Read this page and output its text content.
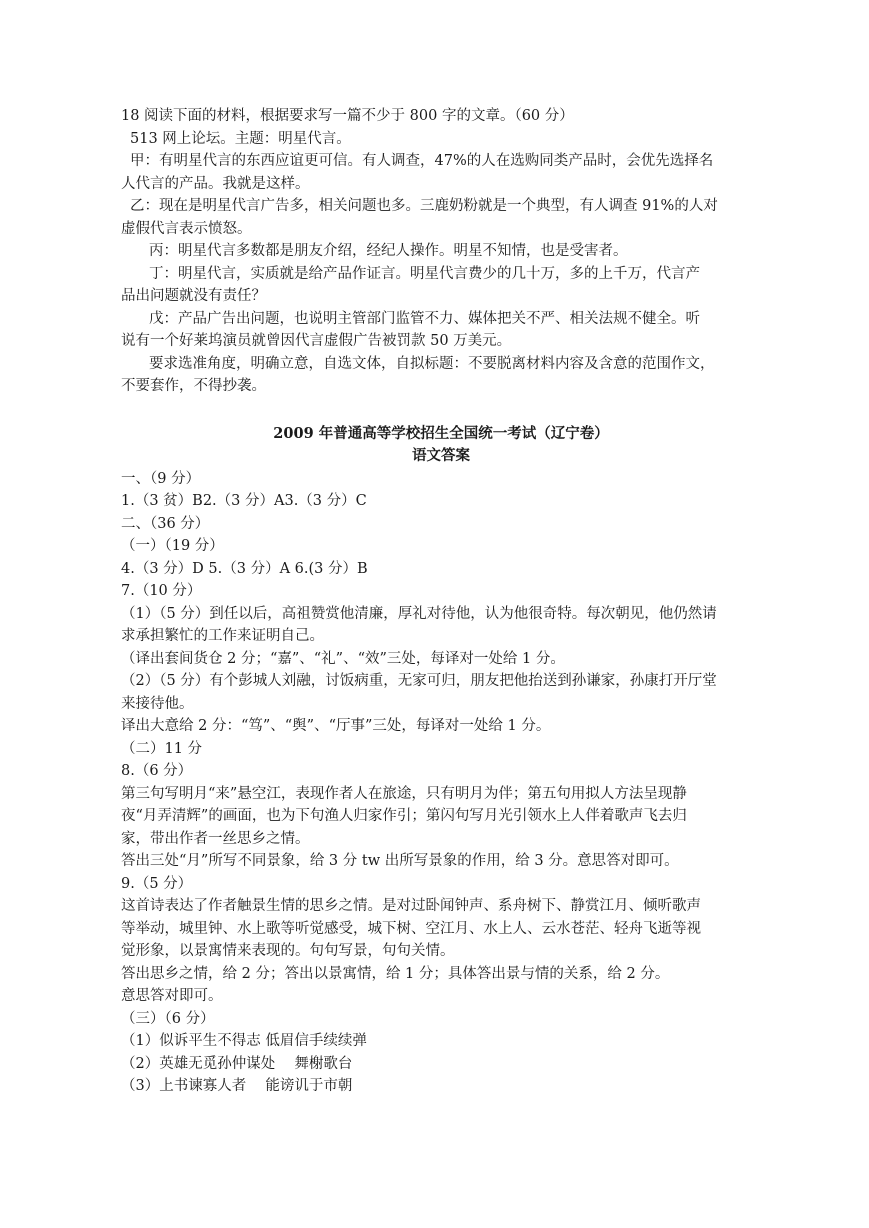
18 阅读下面的材料，根据要求写一篇不少于 800 字的文章。（60 分）
513 网上论坛。主题：明星代言。
甲：有明星代言的东西应谊更可信。有人调查，47%的人在选购同类产品时，会优先选择名
人代言的产品。我就是这样。
乙：现在是明星代言广告多，相关问题也多。三鹿奶粉就是一个典型，有人调查 91%的人对
虚假代言表示愤怒。
丙：明星代言多数都是朋友介绍，经纪人操作。明星不知情，也是受害者。
丁：明星代言，实质就是给产品作证言。明星代言费少的几十万，多的上千万，代言产
品出问题就没有责任？
戊：产品广告出问题，也说明主管部门监管不力、媒体把关不严、相关法规不健全。听
说有一个好莱坞演员就曾因代言虚假广告被罚款 50 万美元。
要求选准角度，明确立意，自选文体，自拟标题：不要脱离材料内容及含意的范围作文，
不要套作，不得抄袭。
2009 年普通高等学校招生全国统一考试（辽宁卷）
语文答案
一、（9 分）
1.（3 贫）B2.（3 分）A3.（3 分）C
二、（36 分）
（一）（19 分）
4.（3 分）D 5.（3 分）A 6.(3 分）B
7.（10 分）
（1）（5 分）到任以后，高祖赞赏他清廉，厚礼对待他，认为他很奇特。每次朝见，他仍然请
求承担繁忙的工作来证明自己。
（译出套间货仓 2 分；“嘉”、“礼”、“效”三处，每译对一处给 1 分。
（2）（5 分）有个彭城人刘融，讨饭病重，无家可归，朋友把他抬送到孙谦家，孙康打开厅堂
来接待他。
译出大意给 2 分：“笃”、“舆”、“厅事”三处，每译对一处给 1 分。
（二）11 分
8.（6 分）
第三句写明月“来”悬空江，表现作者人在旅途，只有明月为伴；第五句用拟人方法呈现静
夜“月弄清辉”的画面，也为下句渔人归家作引；第闪句写月光引领水上人伴着歌声飞去归
家，带出作者一丝思乡之情。
答出三处“月”所写不同景象，给 3 分 tw 出所写景象的作用，给 3 分。意思答对即可。
9.（5 分）
这首诗表达了作者触景生情的思乡之情。是对过卧闻钟声、系舟树下、静赏江月、倾听歌声
等举动，城里钟、水上歌等听觉感受，城下树、空江月、水上人、云水苍茫、轻舟飞逝等视
觉形象，以景寓情来表现的。句句写景，句句关情。
答出思乡之情，给 2 分；答出以景寓情，给 1 分；具体答出景与情的关系，给 2 分。
意思答对即可。
（三）（6 分）
（1）似诉平生不得志 低眉信手续续弹
（2）英雄无觅孙仲谋处　 舞榭歌台
（3）上书谏寡人者　 能谤讥于市朝
